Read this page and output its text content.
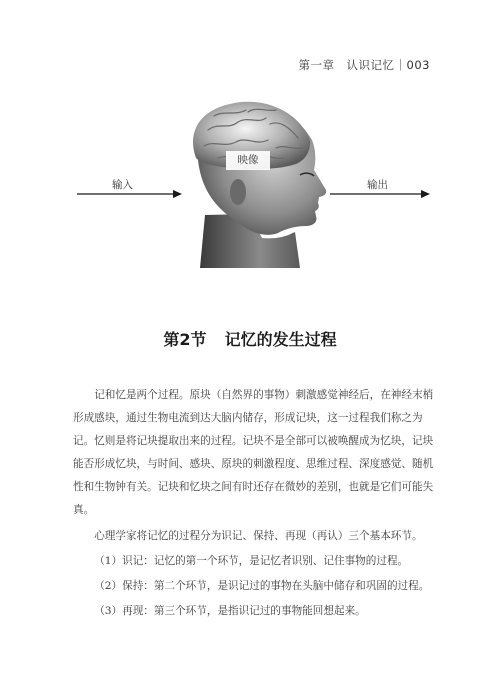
第一章　认识记忆｜003
输入	输出
映像
第2节 记忆的发生过程

记和忆是两个过程。原块（自然界的事物）刺激感觉神经后，在神经末梢形成感块，通过生物电流到达大脑内储存，形成记块，这一过程我们称之为记。忆则是将记块提取出来的过程。记块不是全部可以被唤醒成为忆块，记块能否形成忆块，与时间、感块、原块的刺激程度、思维过程、深度感觉、随机性和生物钟有关。记块和忆块之间有时还存在微妙的差别，也就是它们可能失真。

心理学家将记忆的过程分为识记、保持、再现（再认）三个基本环节。

（1）识记：记忆的第一个环节，是记忆者识别、记住事物的过程。

（2）保持：第二个环节，是识记过的事物在头脑中储存和巩固的过程。

（3）再现：第三个环节，是指识记过的事物能回想起来。
